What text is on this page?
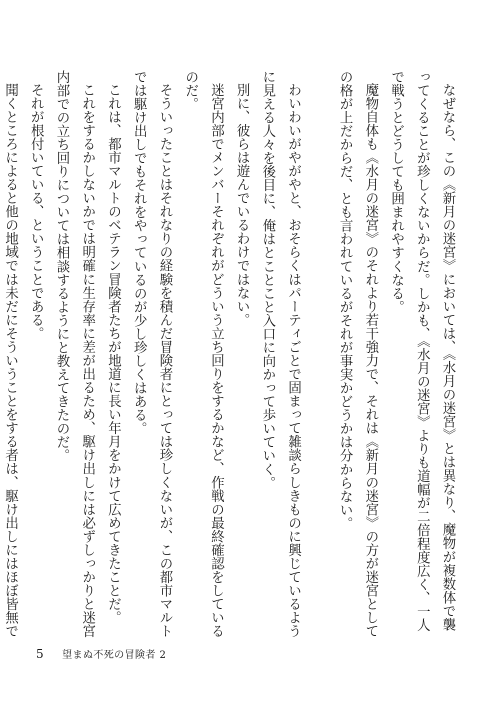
なぜなら、この《新月の迷宮》においては、《水月の迷宮》とは異なり、魔物が複数体で襲ってくることが珍しくないからだ。しかも、《水月の迷宮》よりも道幅が二倍程度広く、一人で戦うとどうしても囲まれやすくなる。

魔物自体も《水月の迷宮》のそれより若干強力で、それは《新月の迷宮》の方が迷宮としての格が上だからだ、とも言われているがそれが事実かどうかは分からない。

わいわいがやがやと、おそらくはパーティごとで固まって雑談らしきものに興じているように見える人々を後目に、俺はとことこと入口に向かって歩いていく。

別に、彼らは遊んでいるわけではない。

迷宮内部でメンバーそれぞれがどういう立ち回りをするかなど、作戦の最終確認をしているのだ。

そういったことはそれなりの経験を積んだ冒険者にとっては珍しくないが、この都市マルトでは駆け出しでもそれをやっているのが少し珍しくはある。

これは、都市マルトのベテラン冒険者たちが地道に長い年月をかけて広めてきたことだ。

これをするかしないかでは明確に生存率に差が出るため、駆け出しには必ずしっかりと迷宮内部での立ち回りについては相談するようにと教えてきたのだ。

それが根付いている、ということである。

聞くところによると他の地域では未だにそういうことをする者は、駆け出しにはほぼ皆無で

5 望まぬ不死の冒険者 2
